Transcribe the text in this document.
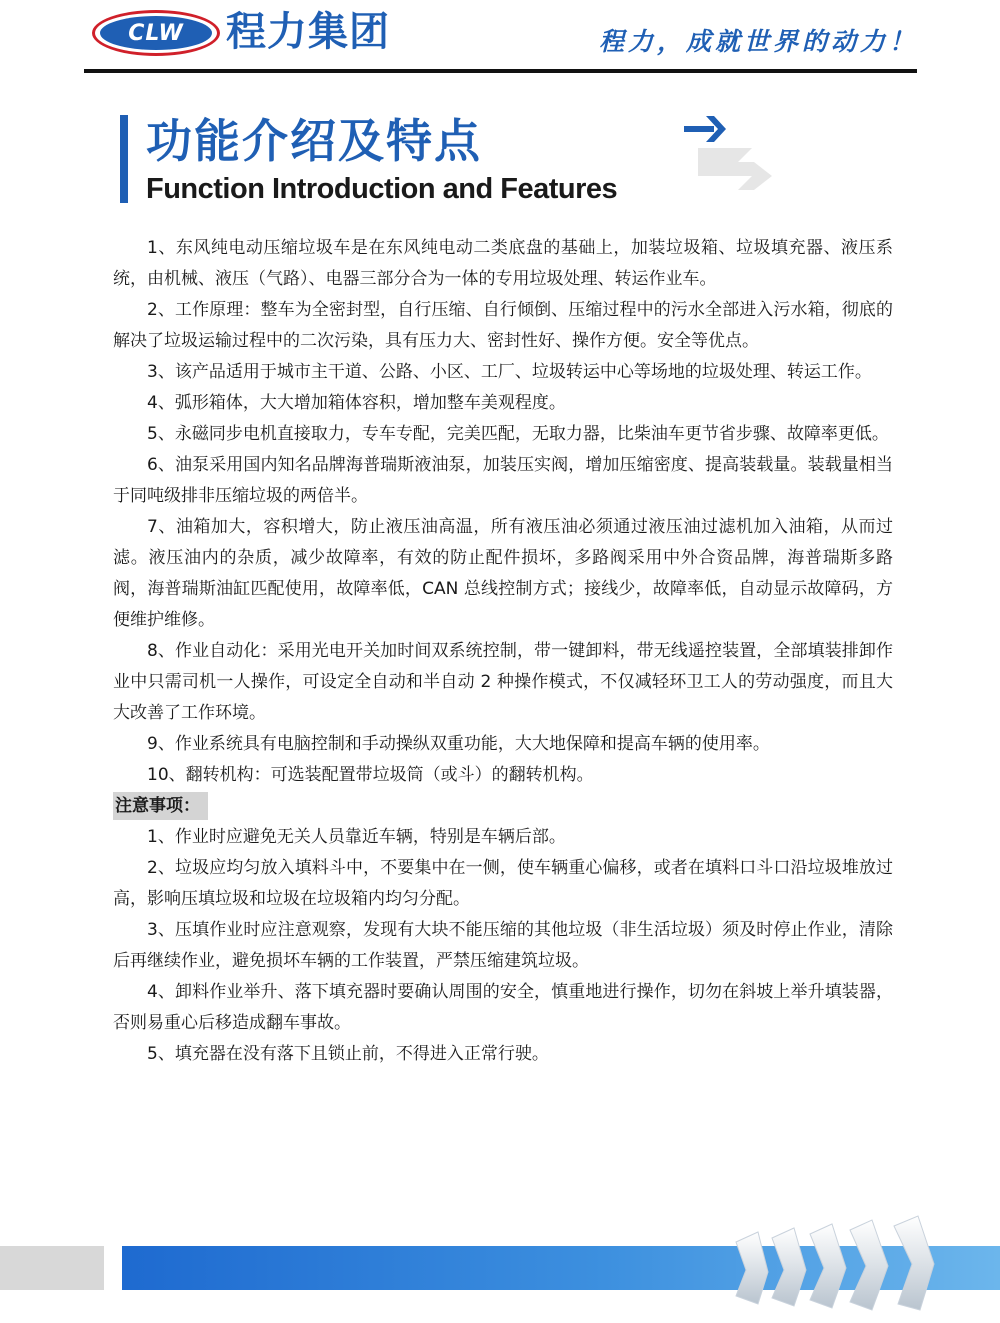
CLW	程力集团	程力，成就世界的动力！
功能介绍及特点
Function Introduction and Features

1、东风纯电动压缩垃圾车是在东风纯电动二类底盘的基础上，加装垃圾箱、垃圾填充器、液压系统，由机械、液压（气路）、电器三部分合为一体的专用垃圾处理、转运作业车。

2、工作原理：整车为全密封型，自行压缩、自行倾倒、压缩过程中的污水全部进入污水箱，彻底的解决了垃圾运输过程中的二次污染，具有压力大、密封性好、操作方便。安全等优点。

3、该产品适用于城市主干道、公路、小区、工厂、垃圾转运中心等场地的垃圾处理、转运工作。

4、弧形箱体，大大增加箱体容积，增加整车美观程度。

5、永磁同步电机直接取力，专车专配，完美匹配，无取力器，比柴油车更节省步骤、故障率更低。

6、油泵采用国内知名品牌海普瑞斯液油泵，加装压实阀，增加压缩密度、提高装载量。装载量相当于同吨级排非压缩垃圾的两倍半。

7、油箱加大，容积增大，防止液压油高温，所有液压油必须通过液压油过滤机加入油箱，从而过滤。液压油内的杂质，减少故障率，有效的防止配件损坏，多路阀采用中外合资品牌，海普瑞斯多路阀，海普瑞斯油缸匹配使用，故障率低，CAN 总线控制方式；接线少，故障率低，自动显示故障码，方便维护维修。

8、作业自动化：采用光电开关加时间双系统控制，带一键卸料，带无线遥控装置，全部填装排卸作业中只需司机一人操作，可设定全自动和半自动 2 种操作模式，不仅减轻环卫工人的劳动强度，而且大大改善了工作环境。

9、作业系统具有电脑控制和手动操纵双重功能，大大地保障和提高车辆的使用率。

10、翻转机构：可选装配置带垃圾筒（或斗）的翻转机构。

注意事项：

1、作业时应避免无关人员靠近车辆，特别是车辆后部。

2、垃圾应均匀放入填料斗中，不要集中在一侧，使车辆重心偏移，或者在填料口斗口沿垃圾堆放过高，影响压填垃圾和垃圾在垃圾箱内均匀分配。

3、压填作业时应注意观察，发现有大块不能压缩的其他垃圾（非生活垃圾）须及时停止作业，清除后再继续作业，避免损坏车辆的工作装置，严禁压缩建筑垃圾。

4、卸料作业举升、落下填充器时要确认周围的安全，慎重地进行操作，切勿在斜坡上举升填装器， 否则易重心后移造成翻车事故。

5、填充器在没有落下且锁止前，不得进入正常行驶。
